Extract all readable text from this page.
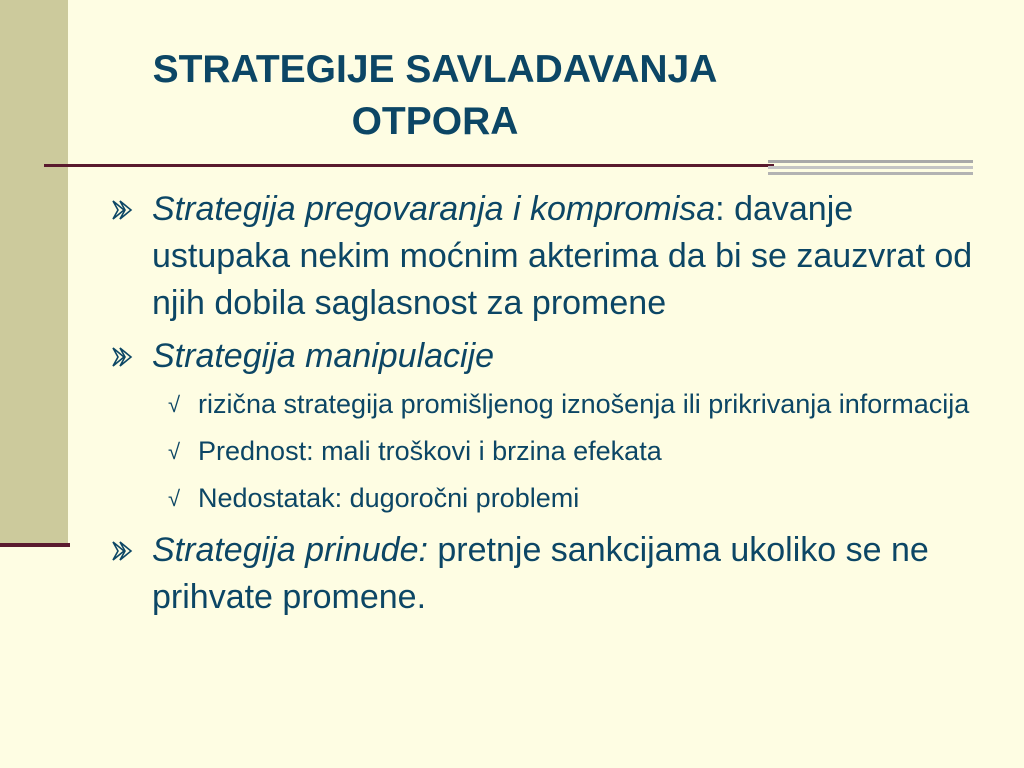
STRATEGIJE SAVLADAVANJA
OTPORA
Strategija pregovaranja i kompromisa: davanje ustupaka nekim moćnim akterima da bi se zauzvrat od njih dobila saglasnost za promene
Strategija manipulacije
√ rizična strategija promišljenog iznošenja ili prikrivanja informacija
√ Prednost: mali troškovi i brzina efekata
√ Nedostatak: dugoročni problemi
Strategija prinude: pretnje sankcijama ukoliko se ne prihvate promene.
